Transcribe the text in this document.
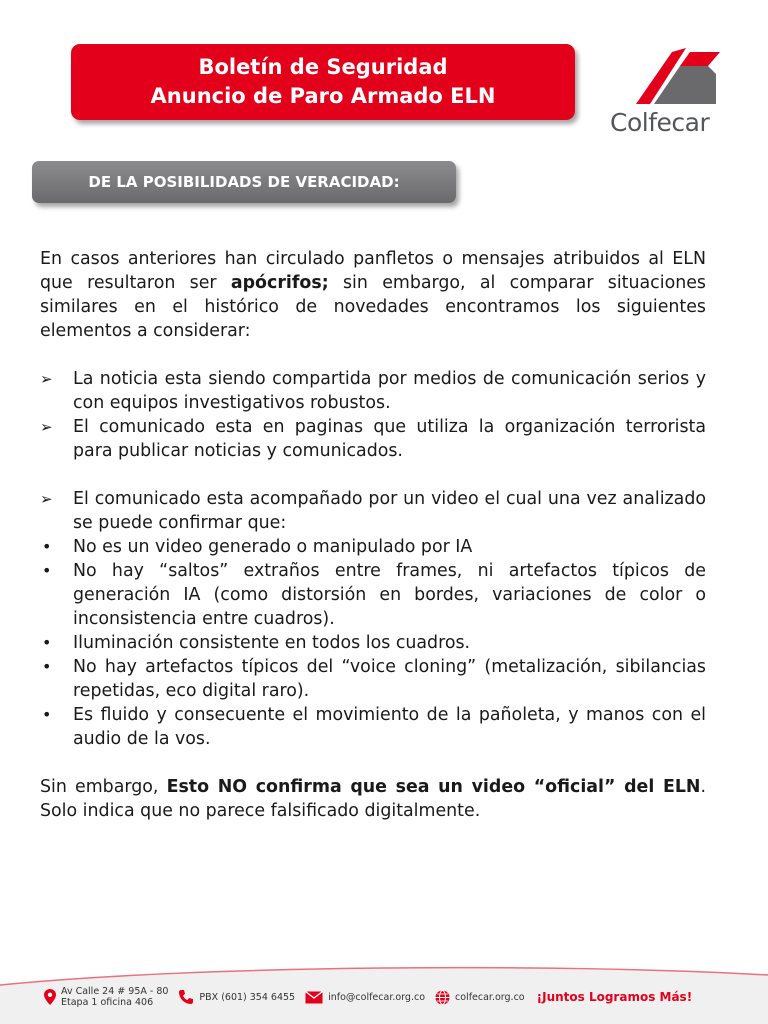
Boletín de Seguridad
Anuncio de Paro Armado ELN
Colfecar
DE LA POSIBILIDADS DE VERACIDAD:

En casos anteriores han circulado panfletos o mensajes atribuidos al ELN que resultaron ser apócrifos; sin embargo, al comparar situaciones similares en el histórico de novedades encontramos los siguientes elementos a considerar:

➢	La noticia esta siendo compartida por medios de comunicación serios y con equipos investigativos robustos.
➢	El comunicado esta en paginas que utiliza la organización terrorista para publicar noticias y comunicados.
➢	El comunicado esta acompañado por un video el cual una vez analizado se puede confirmar que:
•	No es un video generado o manipulado por IA
•	No hay “saltos” extraños entre frames, ni artefactos típicos de generación IA (como distorsión en bordes, variaciones de color o inconsistencia entre cuadros).
•	Iluminación consistente en todos los cuadros.
•	No hay artefactos típicos del “voice cloning” (metalización, sibilancias repetidas, eco digital raro).
•	Es fluido y consecuente el movimiento de la pañoleta, y manos con el audio de la vos.

Sin embargo, Esto NO confirma que sea un video “oficial” del ELN. Solo indica que no parece falsificado digitalmente.

Av Calle 24 # 95A - 80
Etapa 1 oficina 406	PBX (601) 354 6455	info@colfecar.org.co	colfecar.org.co ¡Juntos Logramos Más!
